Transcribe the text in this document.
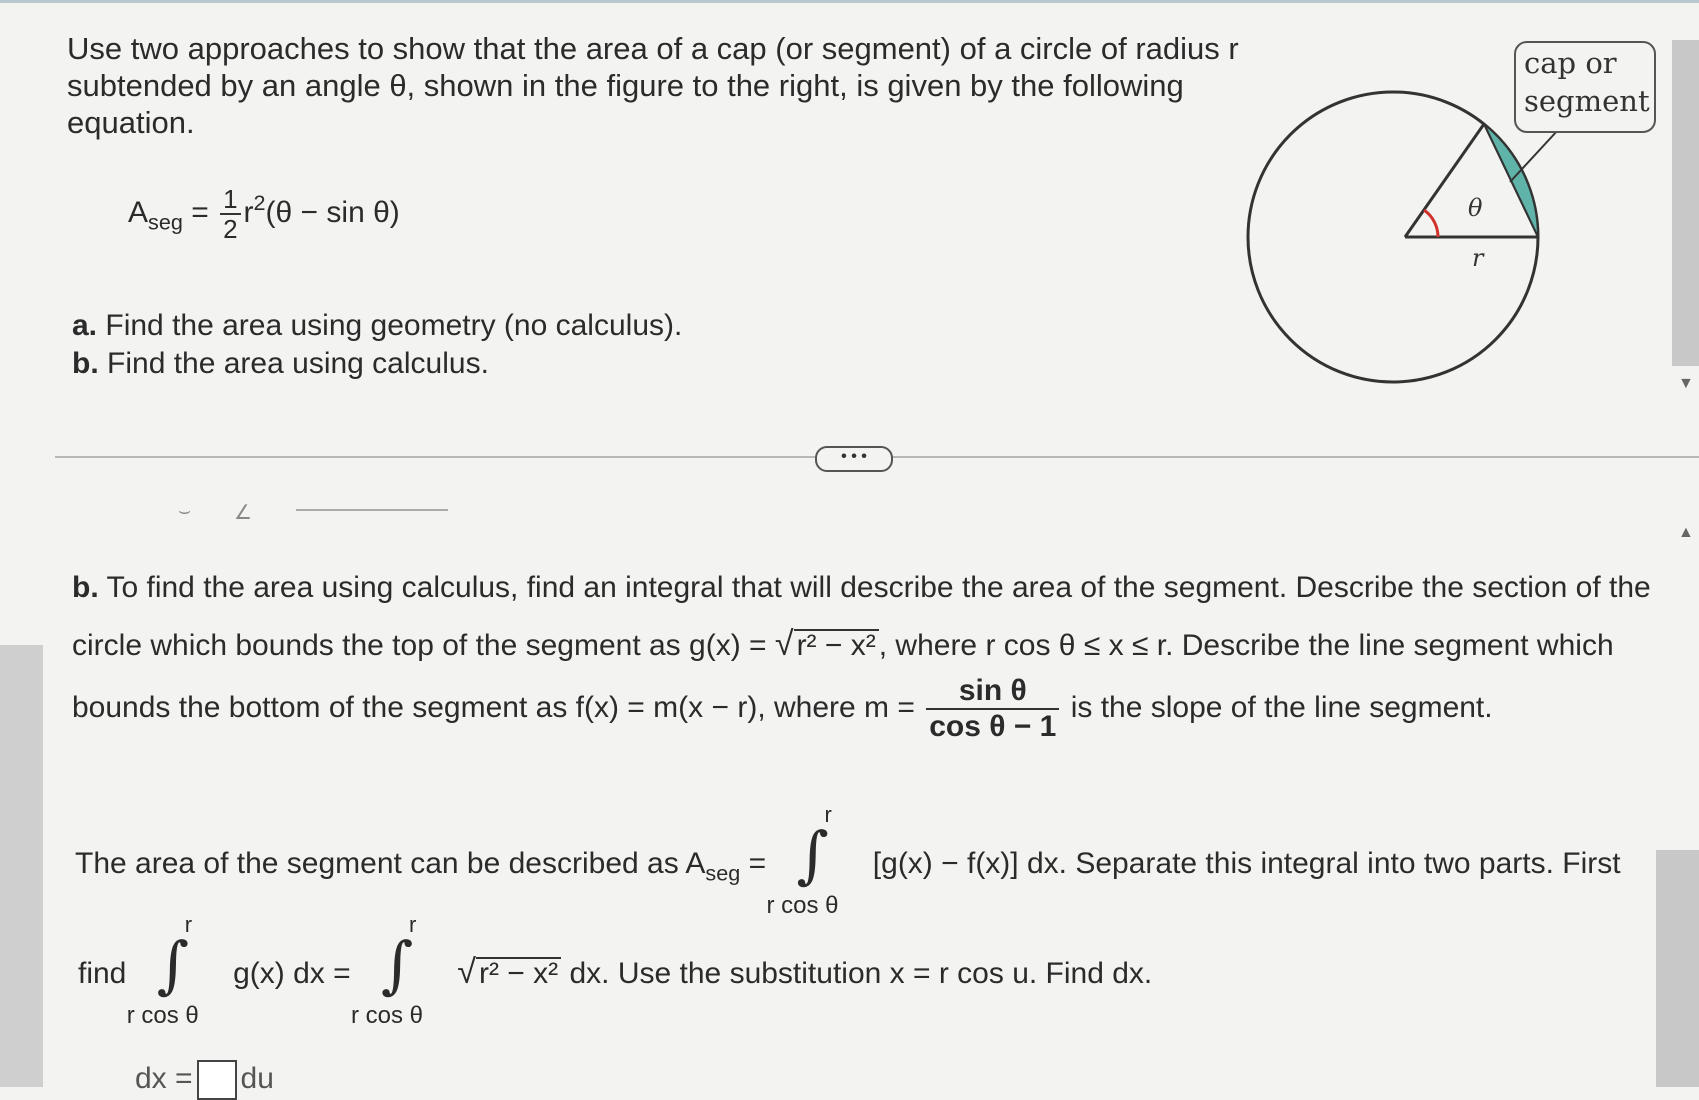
▼
▲
Use two approaches to show that the area of a cap (or segment) of a circle of radius r subtended by an angle θ, shown in the figure to the right, is given by the following equation.
$A_{seg} = \frac{1}{2} r^2(\theta - \sin \theta)$
a. Find the area using geometry (no calculus).
b. Find the area using calculus.
cap or segment
θ
r
• • •
⌣ ∠
b. To find the area using calculus, find an integral that will describe the area of the segment. Describe the section of the circle which bounds the top of the segment as g(x) = √ r² − x² , where r cos θ ≤ x ≤ r. Describe the line segment which bounds the bottom of the segment as f(x) = m(x − r), where $m = \frac{\text{sin θ}}{\text{cos θ − 1}}$ is the slope of the line segment.
The area of the segment can be described as $A_{seg}$ = ∫
r
r cos θ
[g(x) − f(x)] dx. Separate this integral into two parts. First
find ∫
r
r cos θ
g(x) dx = ∫
r
r cos θ
√ r² − x² dx. Use the substitution x = r cos u. Find dx.
dx = du
